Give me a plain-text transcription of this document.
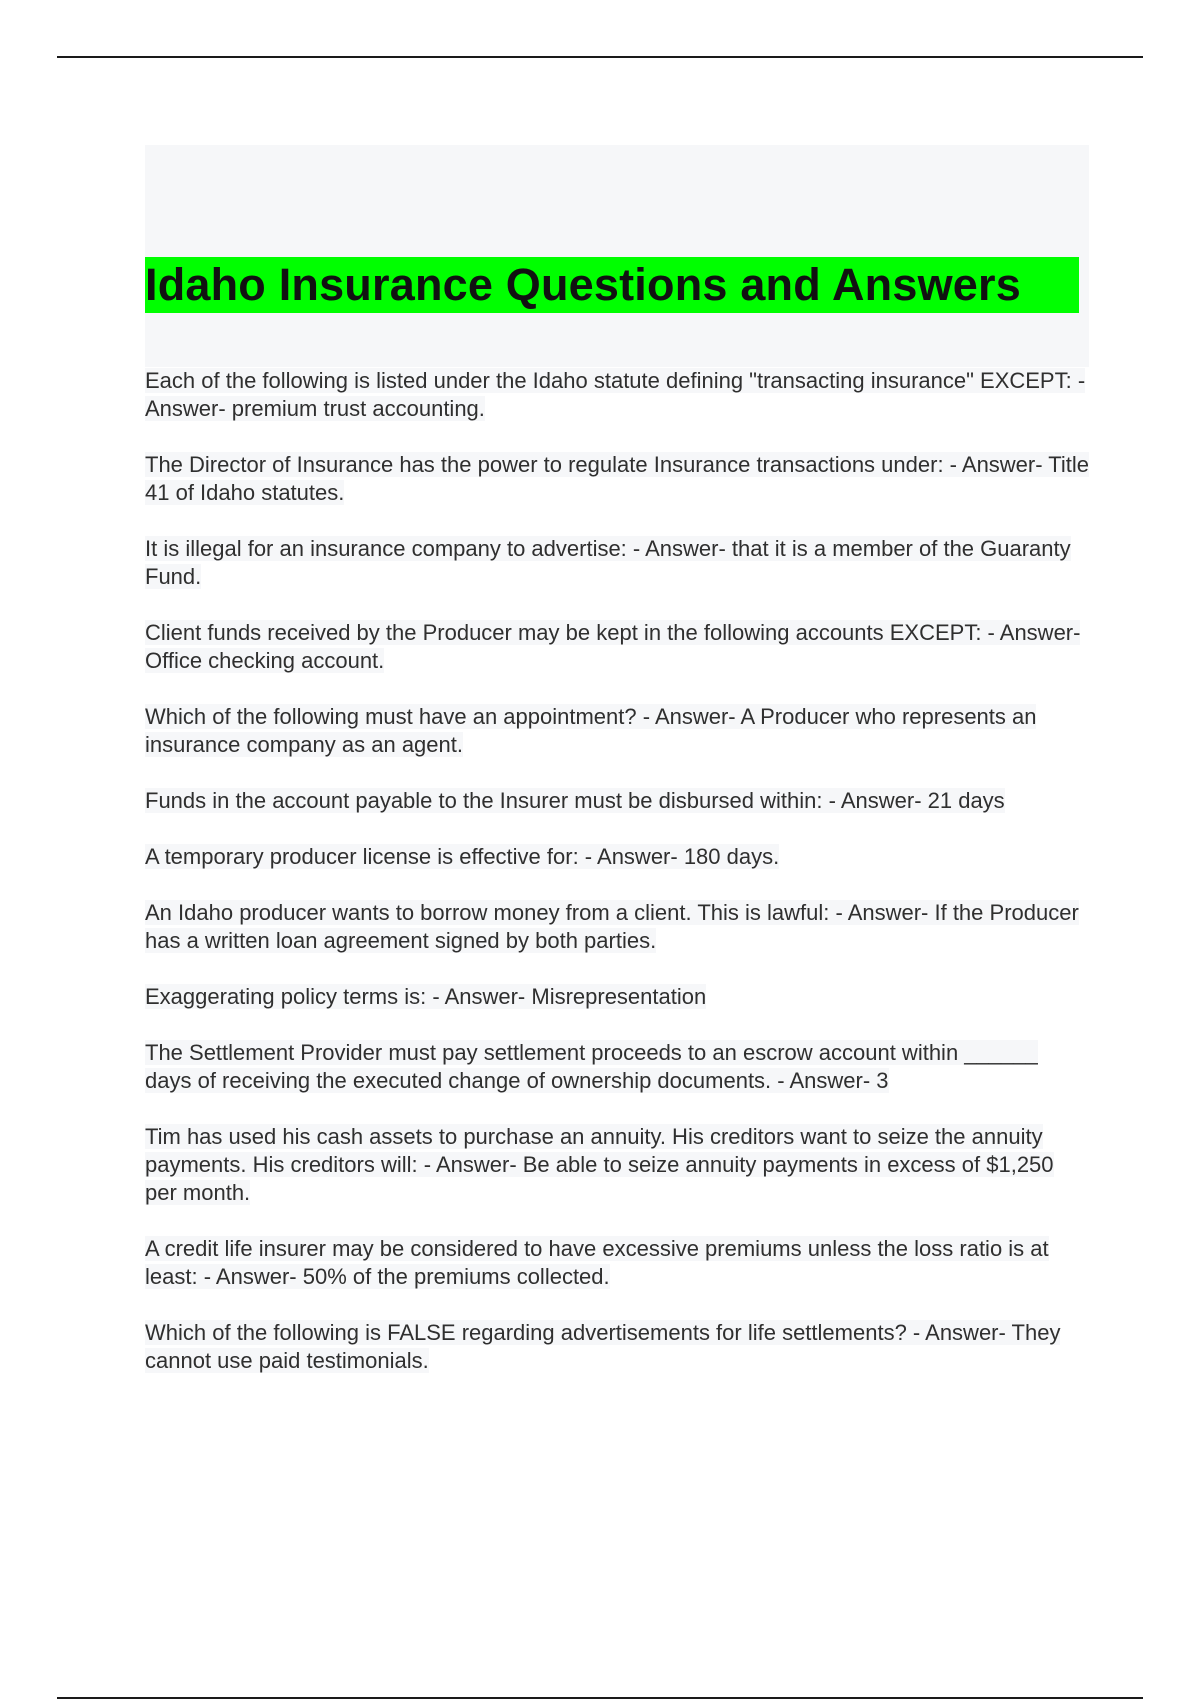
Idaho Insurance Questions and Answers

Each of the following is listed under the Idaho statute defining "transacting insurance" EXCEPT: - Answer- premium trust accounting.

The Director of Insurance has the power to regulate Insurance transactions under: - Answer- Title 41 of Idaho statutes.

It is illegal for an insurance company to advertise: - Answer- that it is a member of the Guaranty Fund.

Client funds received by the Producer may be kept in the following accounts EXCEPT: - Answer- Office checking account.

Which of the following must have an appointment? - Answer- A Producer who represents an insurance company as an agent.

Funds in the account payable to the Insurer must be disbursed within: - Answer- 21 days

A temporary producer license is effective for: - Answer- 180 days.

An Idaho producer wants to borrow money from a client. This is lawful: - Answer- If the Producer has a written loan agreement signed by both parties.

Exaggerating policy terms is: - Answer- Misrepresentation

The Settlement Provider must pay settlement proceeds to an escrow account within ______ days of receiving the executed change of ownership documents. - Answer- 3

Tim has used his cash assets to purchase an annuity. His creditors want to seize the annuity payments. His creditors will: - Answer- Be able to seize annuity payments in excess of $1,250 per month.

A credit life insurer may be considered to have excessive premiums unless the loss ratio is at least: - Answer- 50% of the premiums collected.

Which of the following is FALSE regarding advertisements for life settlements? - Answer- They cannot use paid testimonials.
